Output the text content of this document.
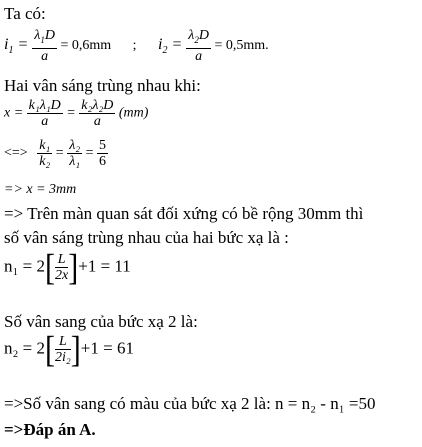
Ta có:
$i_1 = \frac{\lambda_1D}{a} = 0,6mm$ ; $i_2 = \frac{\lambda_2D}{a} = 0,5mm$.
Hai vân sáng trùng nhau khi:
$x = \frac{\text{k₁λ₁D}}{a} = \frac{\text{k₂λ₂D}}{a} (mm)$
<=> $\frac{\text{k₁}}{\text{k₂}} = \frac{\text{λ₂}}{\text{λ₁}} = \frac{5}{6}$
=> x = 3mm
=> Trên màn quan sát đối xứng có bề rộng 30mm thì
số vân sáng trùng nhau của hai bức xạ là :
$n_1 = 2[ \frac{L}{2x} ]+1 = 11$
Số vân sang của bức xạ 2 là:
$n_2 = 2[ \frac{L}{\text{2i₂}} ]+1 = 61$
=>Số vân sang có màu của bức xạ 2 là: n = n₂ - n₁ =50
=>Đáp án A.
